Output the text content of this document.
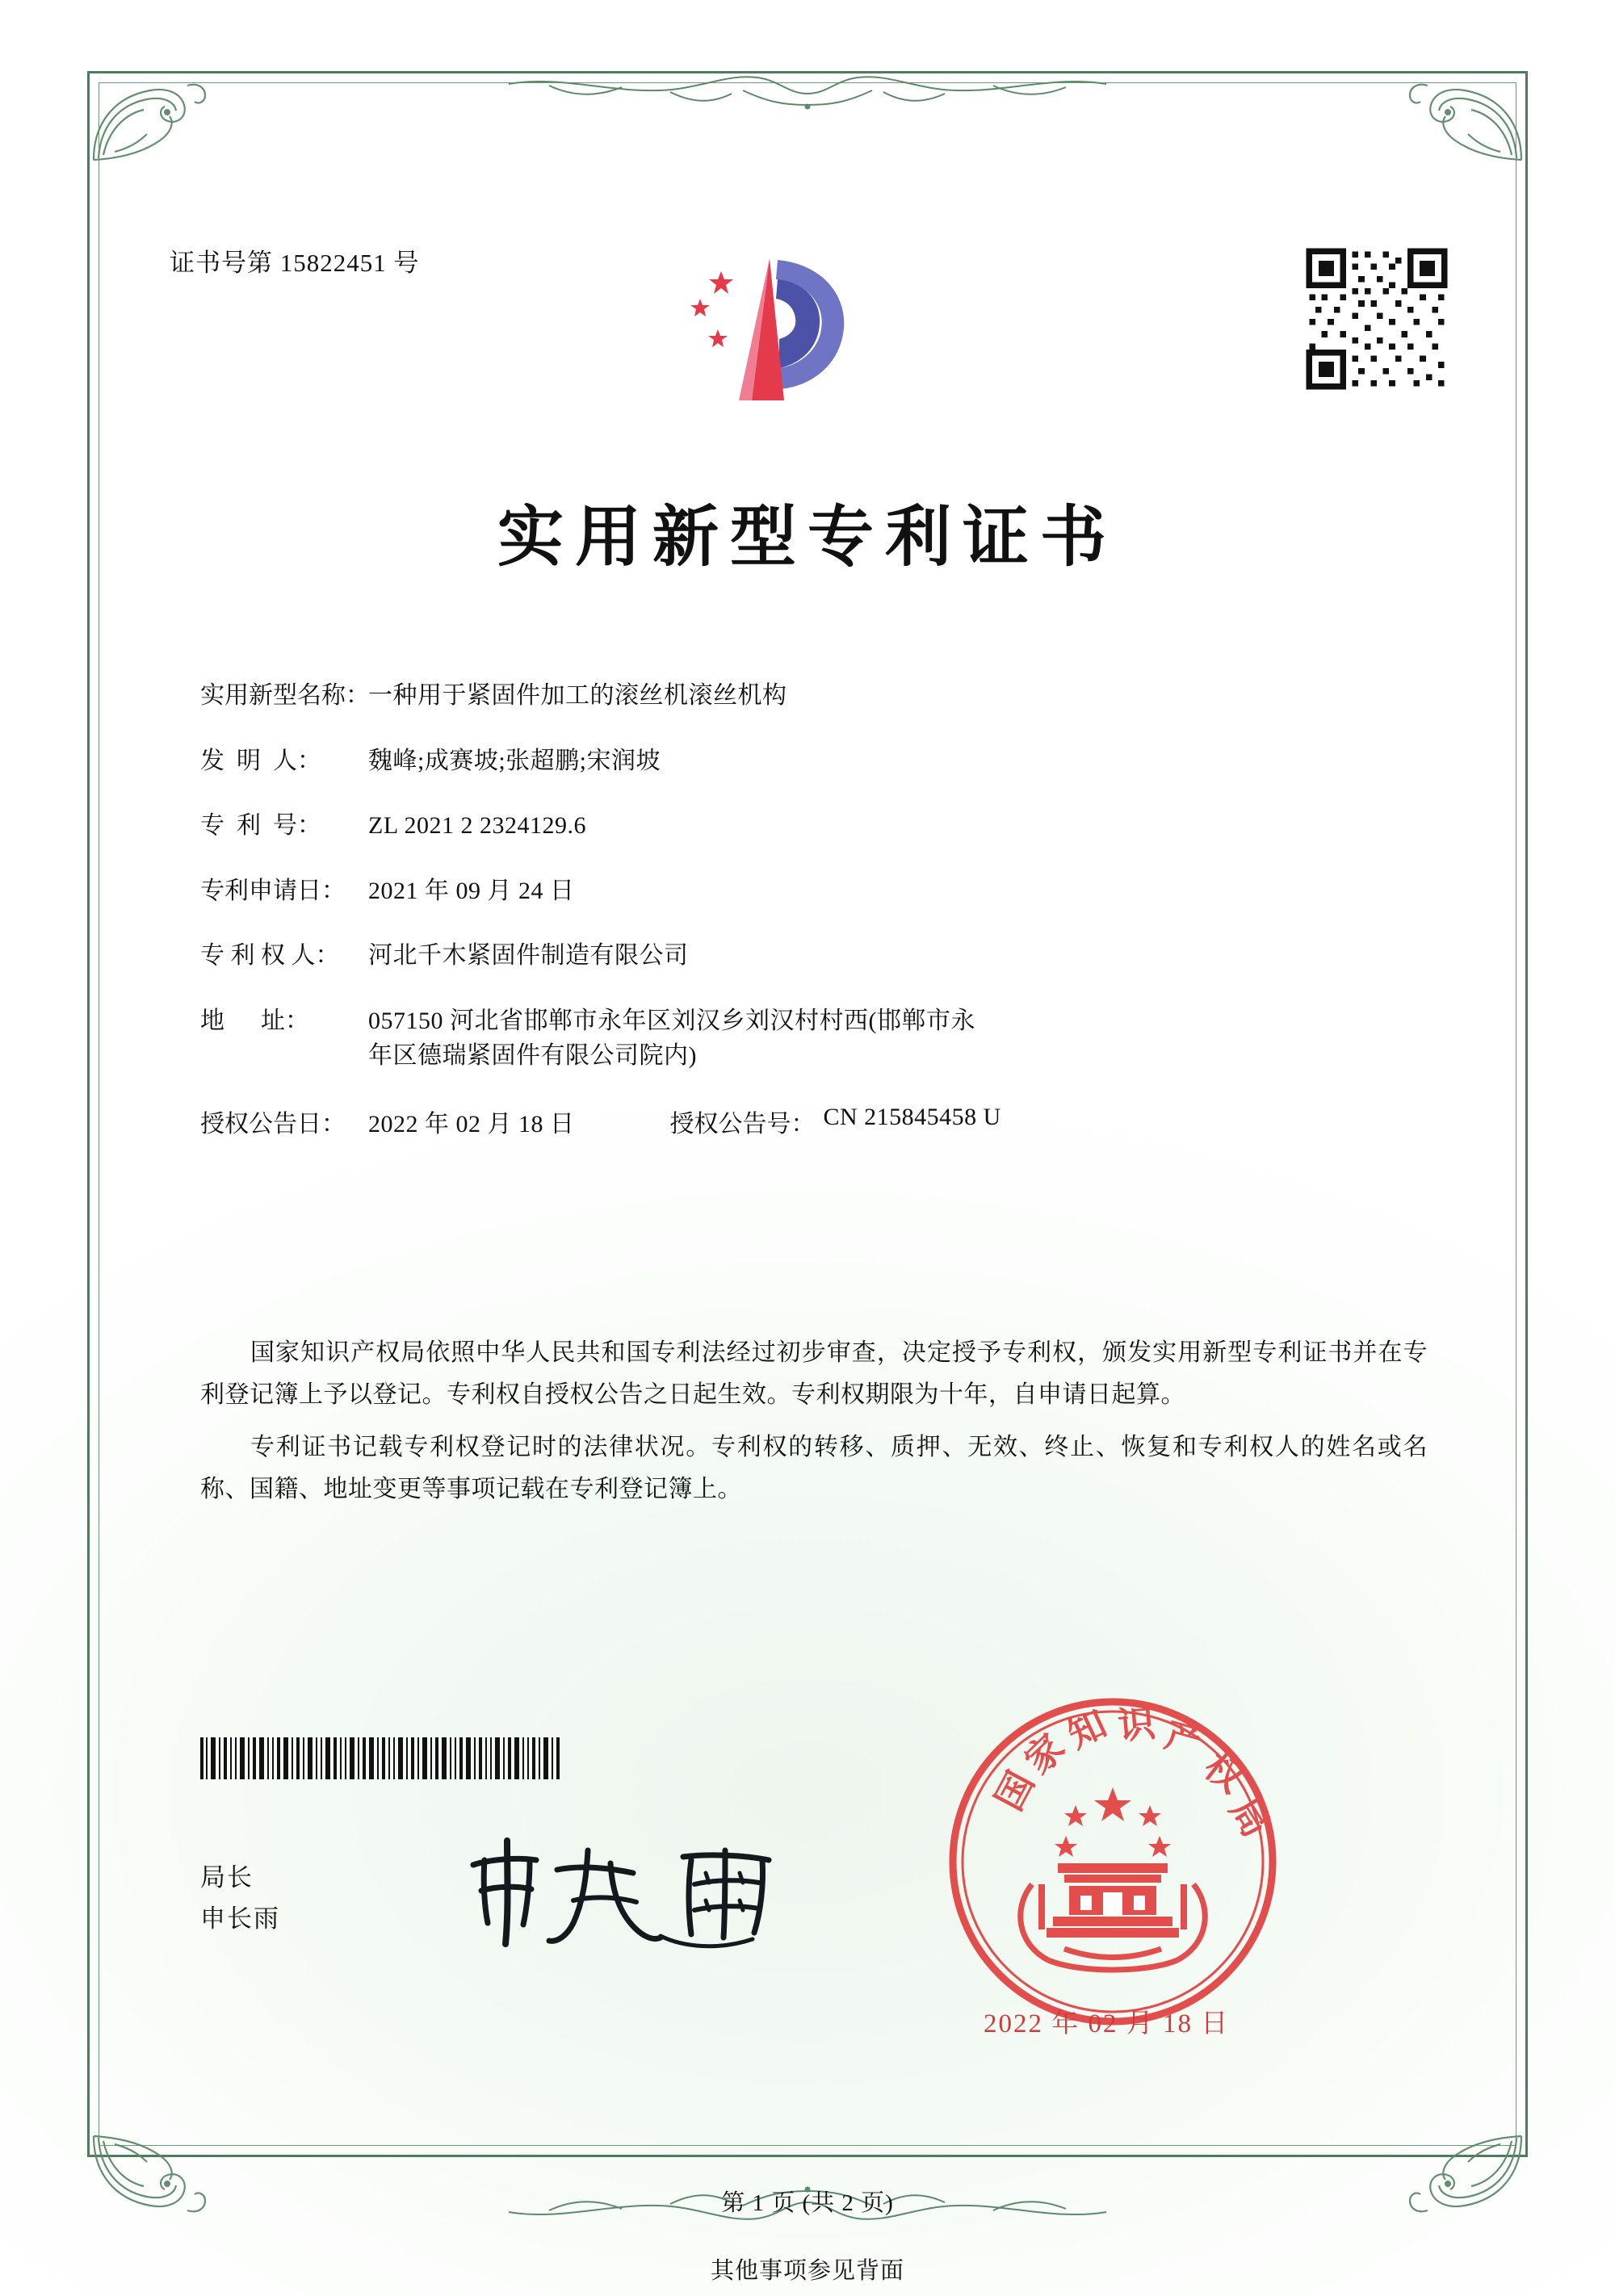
证书号第 15822451 号
实用新型专利证书
实用新型名称：
一种用于紧固件加工的滚丝机滚丝机构
发  明  人：	魏峰;成赛坡;张超鹏;宋润坡
专  利  号：	ZL 2021 2 2324129.6
专利申请日： 2021 年 09 月 24 日
专 利 权 人：	河北千木紧固件制造有限公司
地      址：	057150 河北省邯郸市永年区刘汉乡刘汉村村西(邯郸市永
年区德瑞紧固件有限公司院内)
授权公告日： 2022 年 02 月 18 日	授权公告号： CN 215845458 U

国家知识产权局依照中华人民共和国专利法经过初步审查，决定授予专利权，颁发实用新型专利证书并在专利登记簿上予以登记。专利权自授权公告之日起生效。专利权期限为十年，自申请日起算。

专利证书记载专利权登记时的法律状况。专利权的转移、质押、无效、终止、恢复和专利权人的姓名或名称、国籍、地址变更等事项记载在专利登记簿上。

局长
申长雨
国
家
知 识 产
权
局
2022 年 02 月 18 日
第 1 页 (共 2 页)
其他事项参见背面
